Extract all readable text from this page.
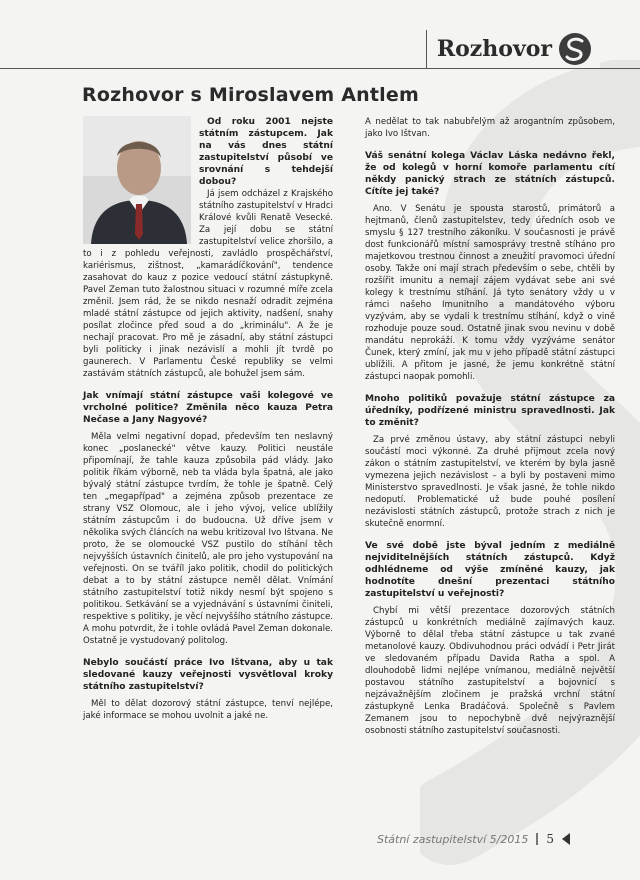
Rozhovor
Rozhovor s Miroslavem Antlem

Od roku 2001 nejste státním zástupcem. Jak na vás dnes státní zastupitelství působí ve srovnání s tehdejší dobou?

Já jsem odcházel z Krajského státního zastupitelství v Hradci Králové kvůli Renatě Vesecké. Za její dobu se státní zastupitelství velice zhoršilo, a to i z pohledu veřejnosti, zavládlo prospěchářství, kariérismus, zištnost, „kamarádíčkování", tendence zasahovat do kauz z pozice vedoucí státní zástupkyně. Pavel Zeman tuto žalostnou situaci v rozumné míře zcela změnil. Jsem rád, že se nikdo nesnaží odradit zejména mladé státní zástupce od jejich aktivity, nadšení, snahy posílat zločince před soud a do „kriminálu". A že je nechají pracovat. Pro mě je zásadní, aby státní zástupci byli politicky i jinak nezávislí a mohli jít tvrdě po gaunerech. V Parlamentu České republiky se velmi zastávám státních zástupců, ale bohužel jsem sám.

Jak vnímají státní zástupce vaši kolegové ve vrcholné politice? Změnila něco kauza Petra Nečase a Jany Nagyové?

Měla velmi negativní dopad, především ten neslavný konec „poslanecké" větve kauzy. Politici neustále připomínají, že tahle kauza způsobila pád vlády. Jako politik říkám výborně, neb ta vláda byla špatná, ale jako bývalý státní zástupce tvrdím, že tohle je špatně. Celý ten „megapřípad" a zejména způsob prezentace ze strany VSZ Olomouc, ale i jeho vývoj, velice ublížily státním zástupcům i do budoucna. Už dříve jsem v několika svých článcích na webu kritizoval Ivo Ištvana. Ne proto, že se olomoucké VSZ pustilo do stíhání těch nejvyšších ústavních činitelů, ale pro jeho vystupování na veřejnosti. On se tváříl jako politik, chodil do politických debat a to by státní zástupce neměl dělat. Vnímání státního zastupitelství totiž nikdy nesmí být spojeno s politikou. Setkávání se a vyjednávání s ústavními činiteli, respektive s politiky, je věcí nejvyššího státního zástupce. A mohu potvrdit, že i tohle ovládá Pavel Zeman dokonale. Ostatně je vystudovaný politolog.

Nebylo součástí práce Ivo Ištvana, aby u tak sledované kauzy veřejnosti vysvětloval kroky státního zastupitelství?

Měl to dělat dozorový státní zástupce, tenví nejlépe, jaké informace se mohou uvolnit a jaké ne.

A nedělat to tak nabubřelým až arogantním způsobem, jako Ivo Ištvan.

Váš senátní kolega Václav Láska nedávno řekl, že od kolegů v horní komoře parlamentu cítí někdy panický strach ze státních zástupců. Cítíte jej také?

Ano. V Senátu je spousta starostů, primátorů a hejtmanů, členů zastupitelstev, tedy úředních osob ve smyslu § 127 trestního zákoníku. V současnosti je právě dost funkcionářů místní samosprávy trestně stíháno pro majetkovou trestnou činnost a zneužití pravomoci úřední osoby. Takže oni mají strach především o sebe, chtěli by rozšířit imunitu a nemají zájem vydávat sebe ani své kolegy k trestnímu stíhání. Já tyto senátory vždy u v rámci našeho Imunitního a mandátového výboru vyzývám, aby se vydali k trestnímu stíhání, když o vině rozhoduje pouze soud. Ostatně jinak svou nevinu v době mandátu neprokáží. K tomu vždy vyzýváme senátor Čunek, který zmíní, jak mu v jeho případě státní zástupci ublížili. A přitom je jasné, že jemu konkrétně státní zástupci naopak pomohli.

Mnoho politiků považuje státní zástupce za úředníky, podřízené ministru spravedlnosti. Jak to změnit?

Za prvé změnou ústavy, aby státní zástupci nebyli součástí moci výkonné. Za druhé přijmout zcela nový zákon o státním zastupitelství, ve kterém by byla jasně vymezena jejich nezávislost – a byli by postaveni mimo Ministerstvo spravedlnosti. Je však jasné, že tohle nikdo nedoputí. Problematické už bude pouhé posílení nezávislosti státních zástupců, protože strach z nich je skutečně enormní.

Ve své době jste býval jedním z mediálně nejviditelnějších státních zástupců. Když odhlédneme od výše zmíněné kauzy, jak hodnotíte dnešní prezentaci státního zastupitelství u veřejnosti?

Chybí mi větší prezentace dozorových státních zástupců u konkrétních mediálně zajímavých kauz. Výborně to dělal třeba státní zástupce u tak zvané metanolové kauzy. Obdivuhodnou práci odvádí i Petr Jirát ve sledovaném případu Davida Ratha a spol. A dlouhodobě lidmi nejlépe vnímanou, mediálně největší postavou státního zastupitelství a bojovnicí s nejzávažnějším zločinem je pražská vrchní státní zástupkyně Lenka Bradáčová. Společně s Pavlem Zemanem jsou to nepochybně dvě nejvýraznější osobnosti státního zastupitelství současnosti.

Státní zastupitelství 5/2015 5
